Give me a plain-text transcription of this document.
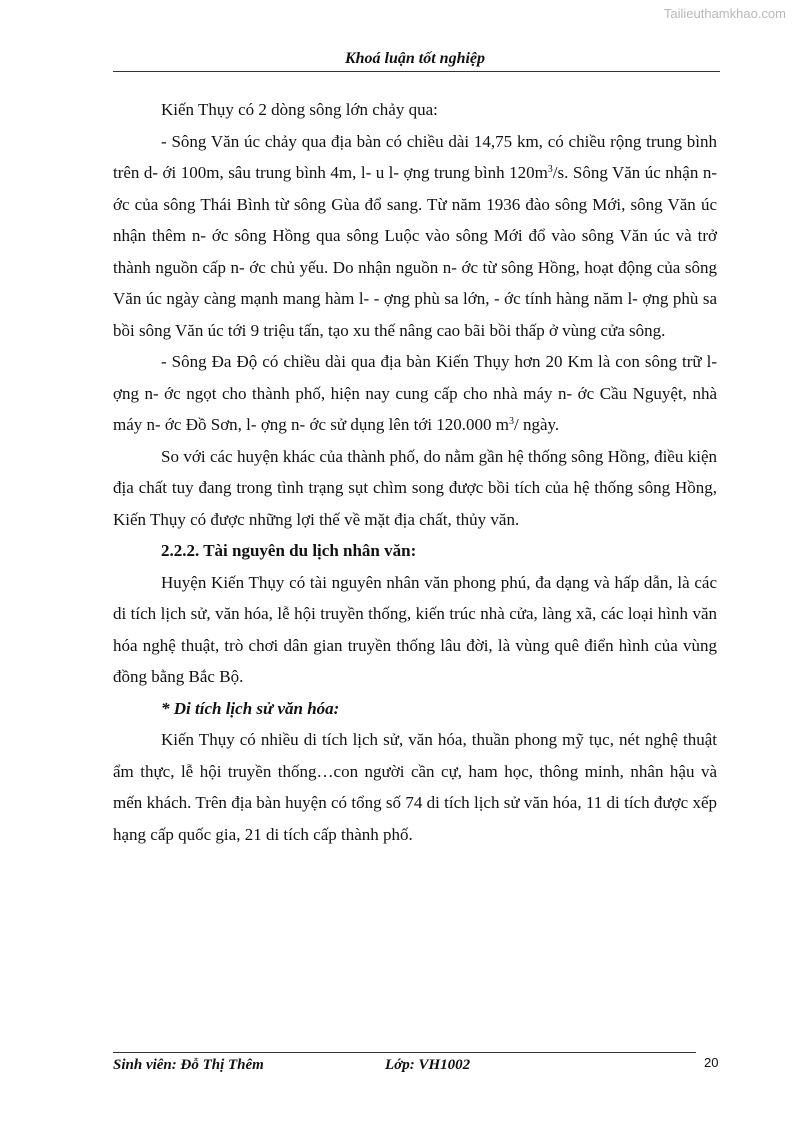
Tailieuthamkhao.com
Khoá luận tốt nghiệp

Kiến Thụy có 2 dòng sông lớn chảy qua:

- Sông Văn úc chảy qua địa bàn có chiều dài 14,75 km, có chiều rộng trung bình trên d- ới 100m, sâu trung bình 4m, l- u l- ợng trung bình $120m^3/s$. Sông Văn úc nhận n- ớc của sông Thái Bình từ sông Gùa đổ sang. Từ năm 1936 đào sông Mới, sông Văn úc nhận thêm n- ớc sông Hồng qua sông Luộc vào sông Mới đổ vào sông Văn úc và trở thành nguồn cấp n- ớc chủ yếu. Do nhận nguồn n- ớc từ sông Hồng, hoạt động của sông Văn úc ngày càng mạnh mang hàm l- - ợng phù sa lớn, - ớc tính hàng năm l- ợng phù sa bồi sông Văn úc tới 9 triệu tấn, tạo xu thế nâng cao bãi bồi thấp ở vùng cửa sông.

- Sông Đa Độ có chiều dài qua địa bàn Kiến Thụy hơn 20 Km là con sông trữ l- ợng n- ớc ngọt cho thành phố, hiện nay cung cấp cho nhà máy n- ớc Cầu Nguyệt, nhà máy n- ớc Đồ Sơn, l- ợng n- ớc sử dụng lên tới 120.000 $m^3/$ ngày.

So với các huyện khác của thành phố, do nằm gần hệ thống sông Hồng, điều kiện địa chất tuy đang trong tình trạng sụt chìm song được bồi tích của hệ thống sông Hồng, Kiến Thụy có được những lợi thế về mặt địa chất, thủy văn.

2.2.2. Tài nguyên du lịch nhân văn:

Huyện Kiến Thụy có tài nguyên nhân văn phong phú, đa dạng và hấp dẫn, là các di tích lịch sử, văn hóa, lễ hội truyền thống, kiến trúc nhà cửa, làng xã, các loại hình văn hóa nghệ thuật, trò chơi dân gian truyền thống lâu đời, là vùng quê điển hình của vùng đồng bằng Bắc Bộ.

* Di tích lịch sử văn hóa:

Kiến Thụy có nhiều di tích lịch sử, văn hóa, thuần phong mỹ tục, nét nghệ thuật ẩm thực, lễ hội truyền thống…con người cần cự, ham học, thông minh, nhân hậu và mến khách. Trên địa bàn huyện có tổng số 74 di tích lịch sử văn hóa, 11 di tích được xếp hạng cấp quốc gia, 21 di tích cấp thành phố.

Sinh viên: Đỗ Thị Thêm	Lớp: VH1002	20
